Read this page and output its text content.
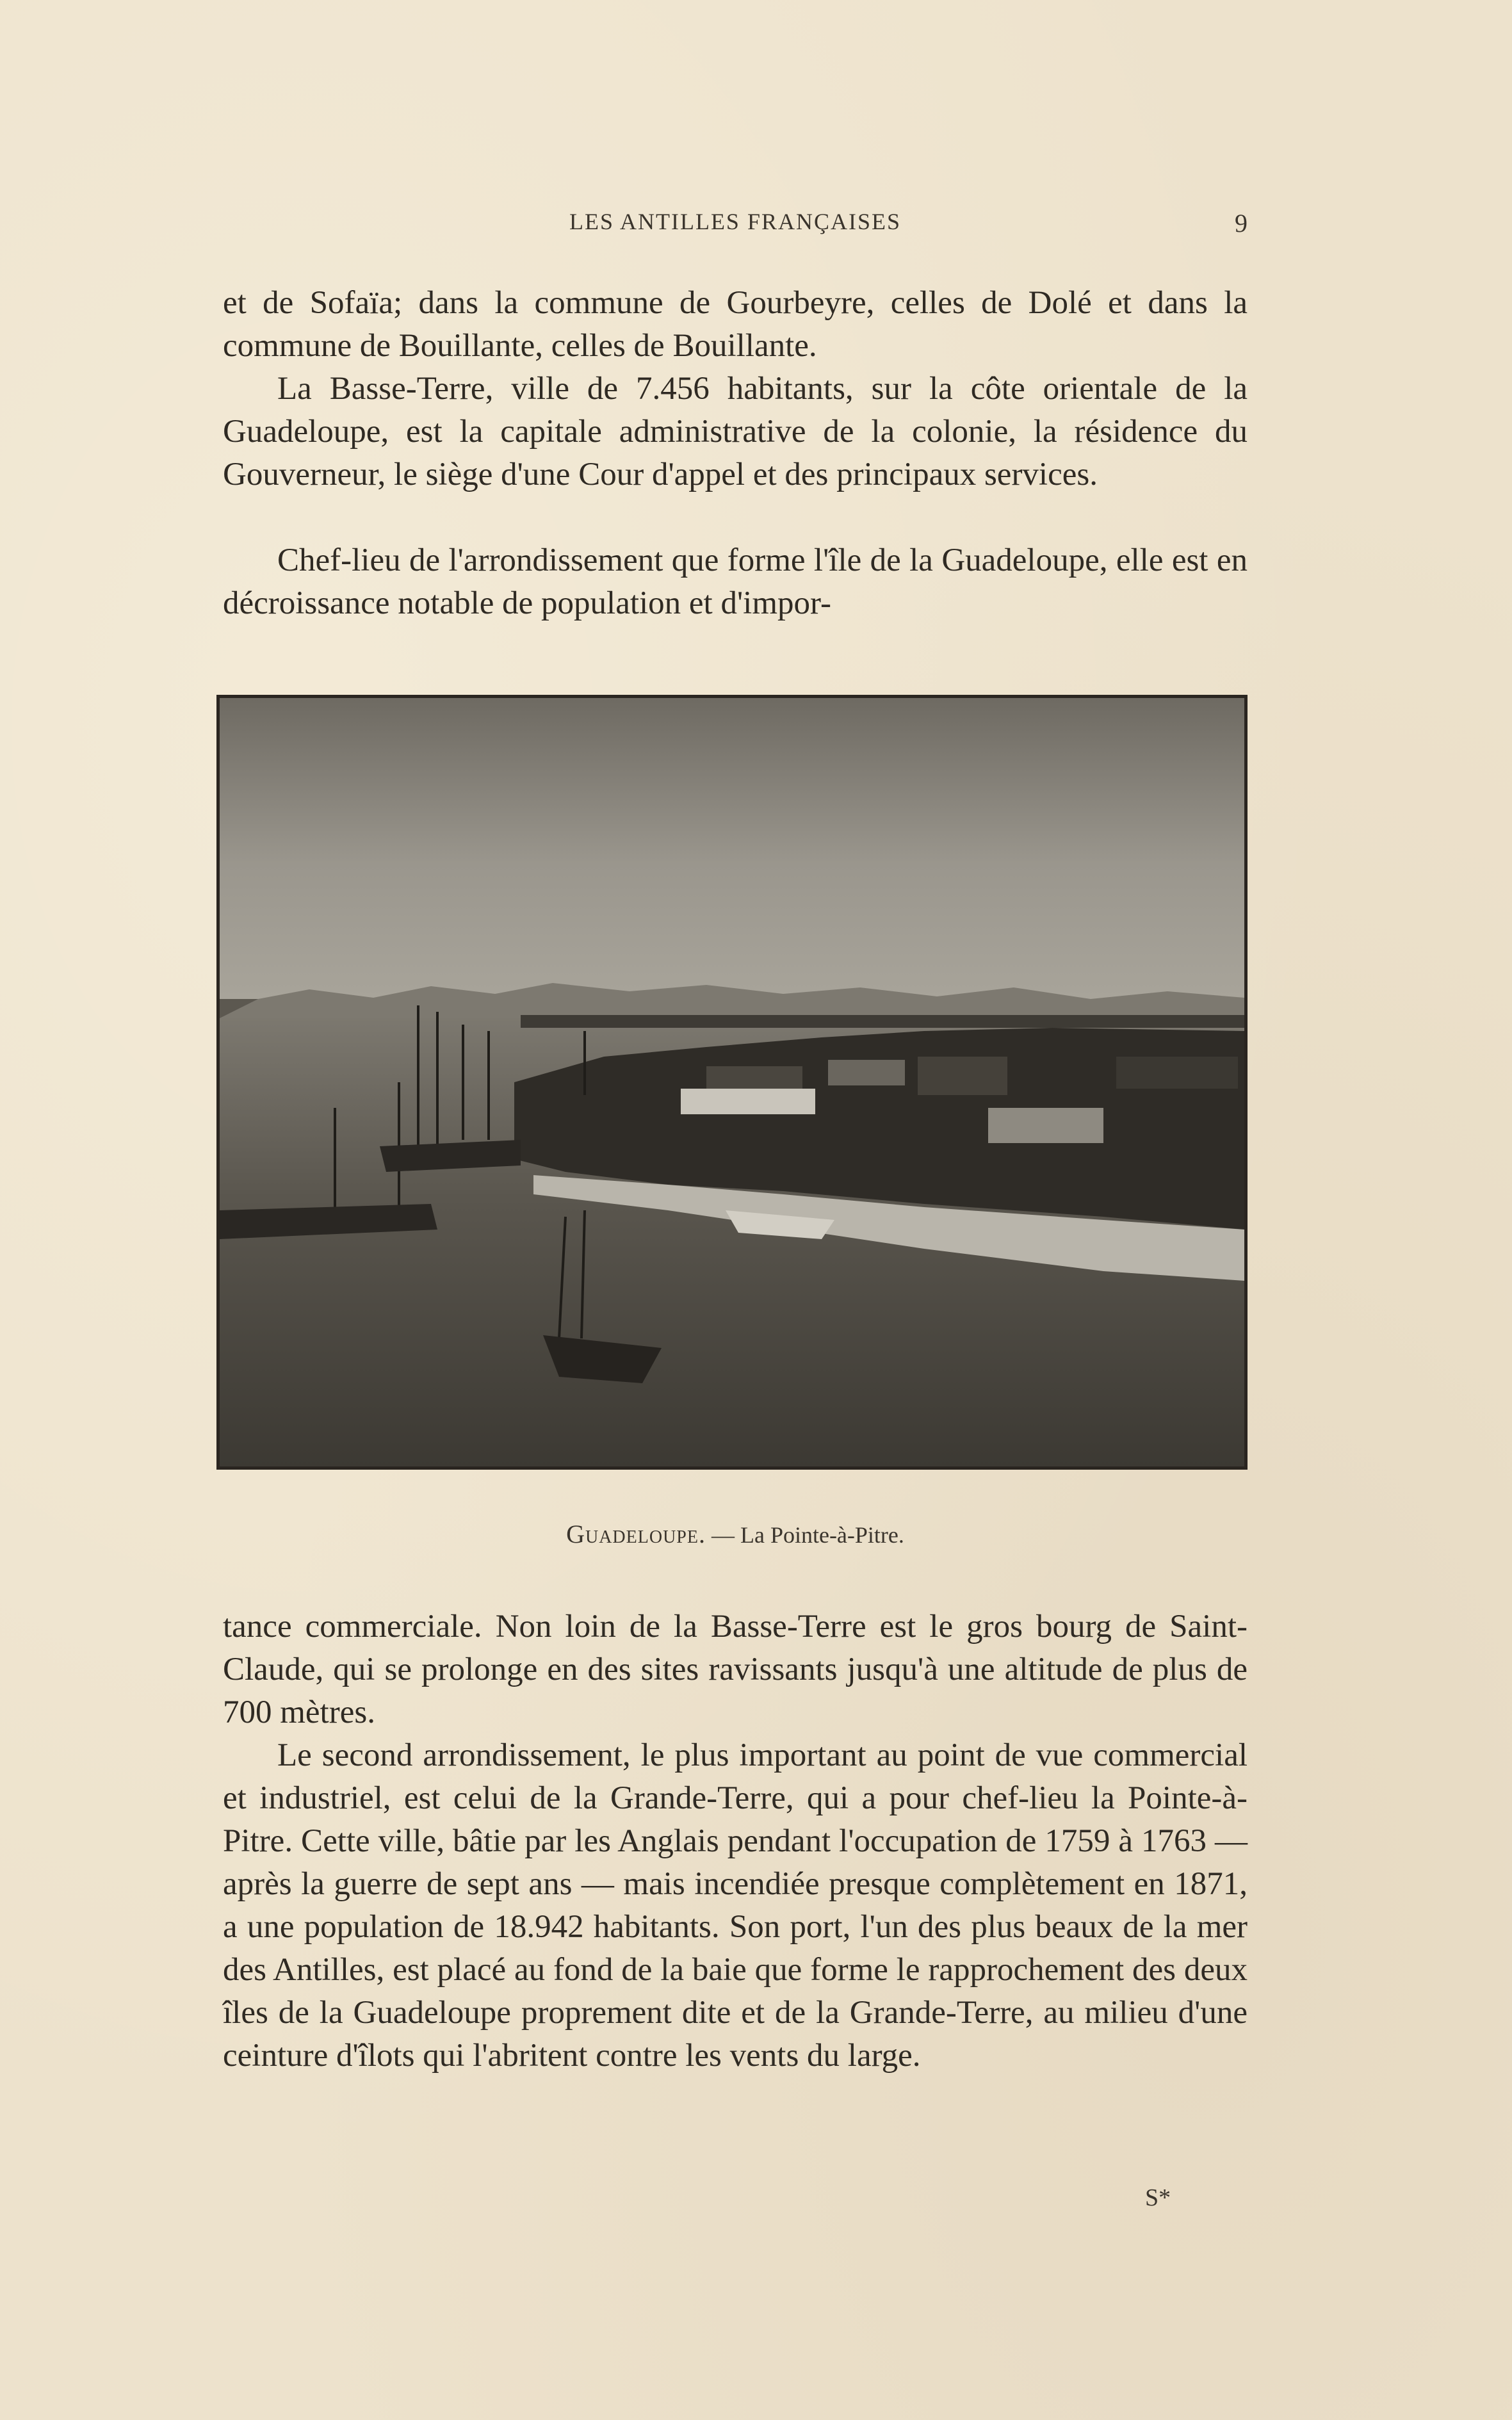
LES ANTILLES FRANÇAISES	9

et de Sofaïa; dans la commune de Gourbeyre, celles de Dolé et dans la commune de Bouillante, celles de Bouillante.

La Basse-Terre, ville de 7.456 habitants, sur la côte orientale de la Guadeloupe, est la capitale administrative de la colonie, la résidence du Gouverneur, le siège d'une Cour d'appel et des principaux services.

Chef-lieu de l'arrondissement que forme l'île de la Guadeloupe, elle est en décroissance notable de population et d'impor-

Guadeloupe. — La Pointe-à-Pitre.

tance commerciale. Non loin de la Basse-Terre est le gros bourg de Saint-Claude, qui se prolonge en des sites ravissants jusqu'à une altitude de plus de 700 mètres.

Le second arrondissement, le plus important au point de vue commercial et industriel, est celui de la Grande-Terre, qui a pour chef-lieu la Pointe-à-Pitre. Cette ville, bâtie par les Anglais pendant l'occupation de 1759 à 1763 — après la guerre de sept ans — mais incendiée presque complètement en 1871, a une population de 18.942 habitants. Son port, l'un des plus beaux de la mer des Antilles, est placé au fond de la baie que forme le rapprochement des deux îles de la Guadeloupe proprement dite et de la Grande-Terre, au milieu d'une ceinture d'îlots qui l'abritent contre les vents du large.

S*
